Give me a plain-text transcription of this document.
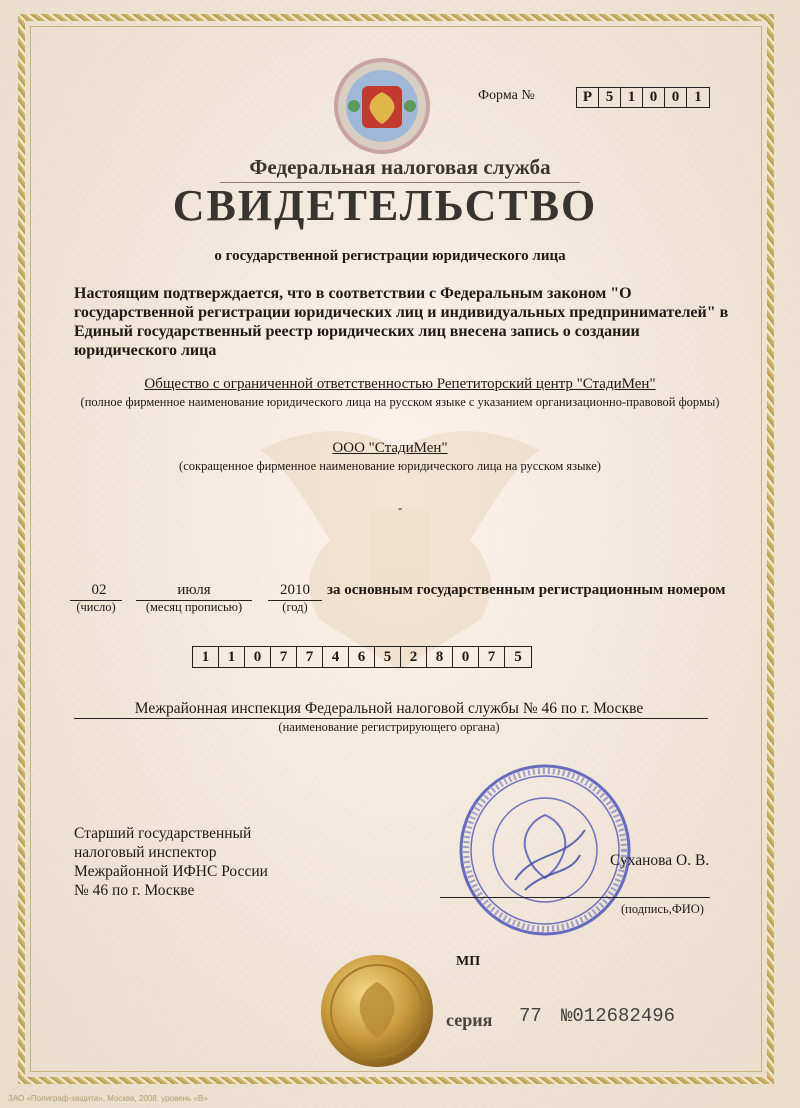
Форма №	Р 5 1 0 0	1
Федеральная налоговая служба
СВИДЕТЕЛЬСТВО
о государственной регистрации юридического лица
Настоящим подтверждается, что в соответствии с Федеральным законом "О государственной регистрации юридических лиц и индивидуальных предпринимателей" в Единый государственный реестр юридических лиц внесена запись о создании юридического лица
Общество с ограниченной ответственностью Репетиторский центр "СтадиМен"
(полное фирменное наименование юридического лица на русском языке с указанием организационно-правовой формы)
ООО "СтадиМен"
(сокращенное фирменное наименование юридического лица на русском языке)
-
02
(число)
июля
(месяц прописью)
2010
(год)
за основным государственным регистрационным номером
1	1	0	7	7	4	6	5	2	8	0	7	5
Межрайонная инспекция Федеральной налоговой службы № 46 по г. Москве
(наименование регистрирующего органа)
Старший государственный
налоговый инспектор
Межрайонной ИФНС России
№ 46 по г. Москве
Суханова О. В.
(подпись,ФИО)
МП
серия 77 №012682496
ЗАО «Полиграф-защита», Москва, 2008, уровень «В»
